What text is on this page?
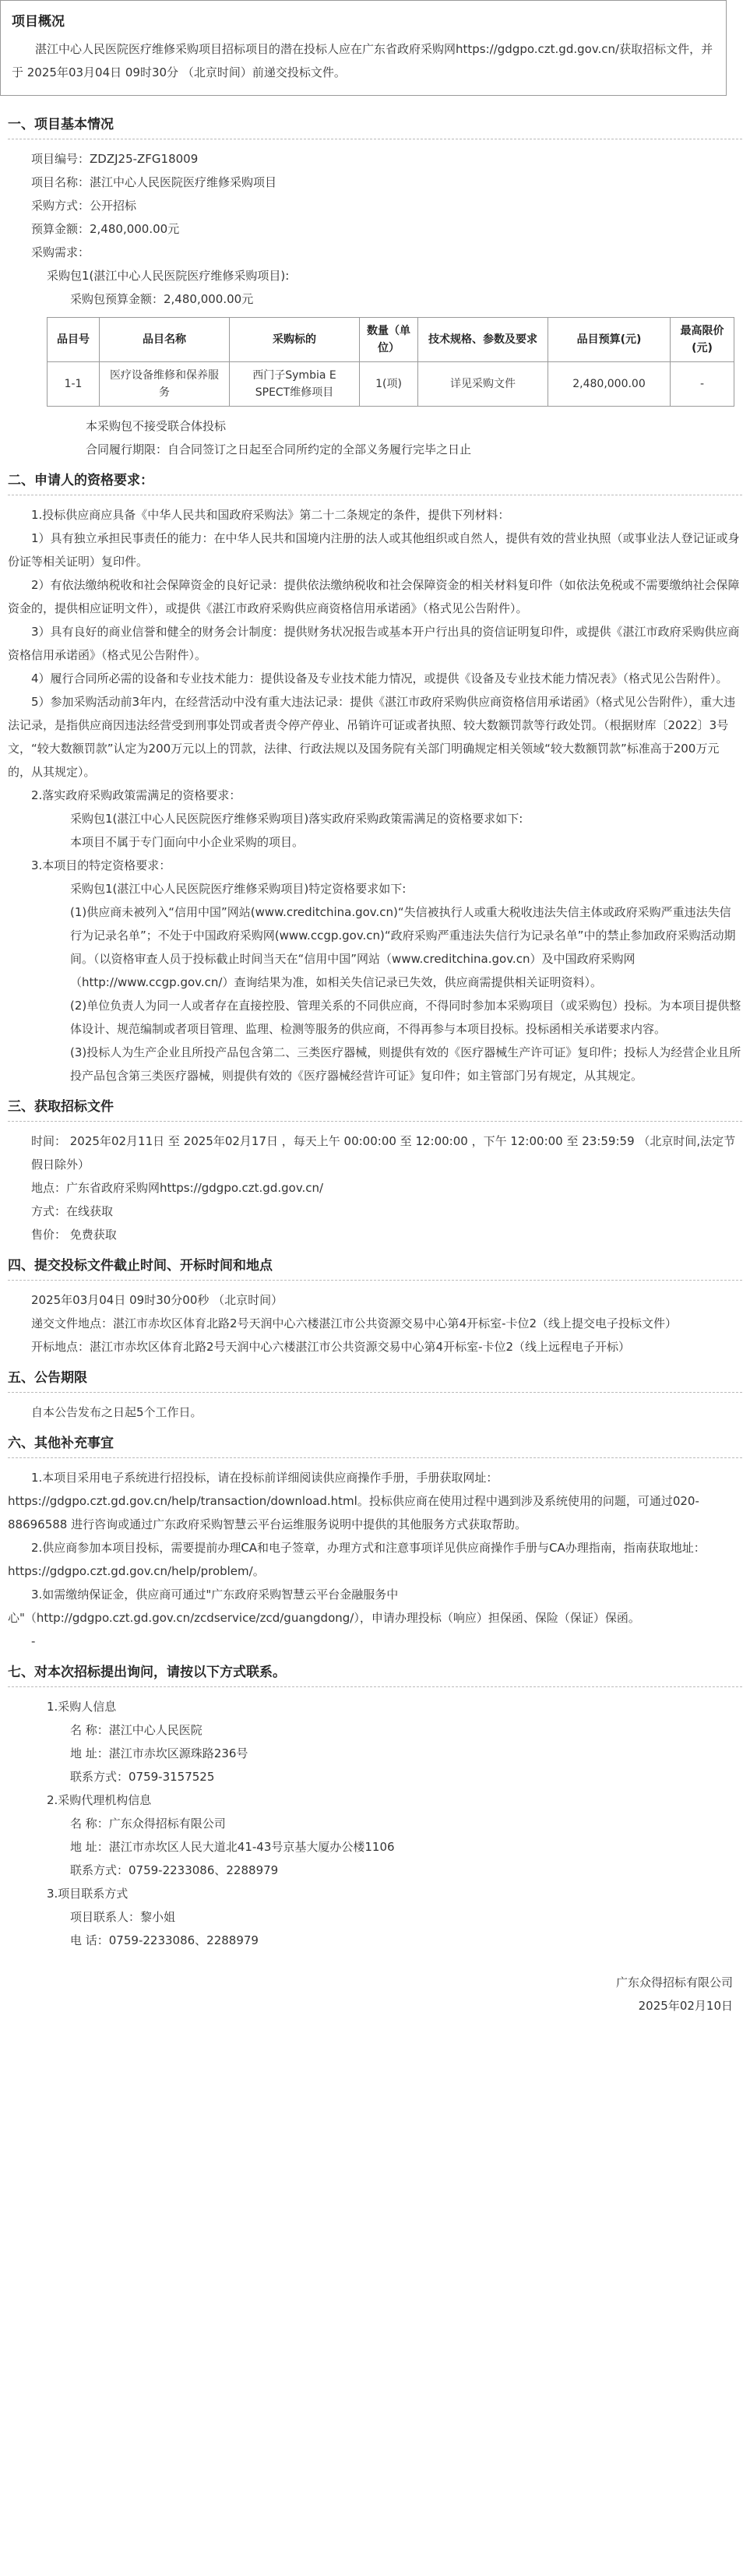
项目概况

湛江中心人民医院医疗维修采购项目招标项目的潜在投标人应在广东省政府采购网https://gdgpo.czt.gd.gov.cn/获取招标文件，并于 2025年03月04日 09时30分 （北京时间）前递交投标文件。

一、项目基本情况

项目编号：ZDZJ25-ZFG18009

项目名称：湛江中心人民医院医疗维修采购项目

采购方式：公开招标

预算金额：2,480,000.00元

采购需求：

采购包1(湛江中心人民医院医疗维修采购项目):

采购包预算金额：2,480,000.00元

品目号	品目名称	采购标的	数量（单位）	技术规格、参数及要求	品目预算(元)	最高限价(元)
1-1	医疗设备维修和保养服务	西门子Symbia E SPECT维修项目	1(项)	详见采购文件	2,480,000.00	-

本采购包不接受联合体投标

合同履行期限：自合同签订之日起至合同所约定的全部义务履行完毕之日止

二、申请人的资格要求：

1.投标供应商应具备《中华人民共和国政府采购法》第二十二条规定的条件，提供下列材料：

1）具有独立承担民事责任的能力：在中华人民共和国境内注册的法人或其他组织或自然人，提供有效的营业执照（或事业法人登记证或身份证等相关证明）复印件。

2）有依法缴纳税收和社会保障资金的良好记录：提供依法缴纳税收和社会保障资金的相关材料复印件（如依法免税或不需要缴纳社会保障资金的，提供相应证明文件），或提供《湛江市政府采购供应商资格信用承诺函》（格式见公告附件）。

3）具有良好的商业信誉和健全的财务会计制度：提供财务状况报告或基本开户行出具的资信证明复印件，或提供《湛江市政府采购供应商资格信用承诺函》（格式见公告附件）。

4）履行合同所必需的设备和专业技术能力：提供设备及专业技术能力情况，或提供《设备及专业技术能力情况表》（格式见公告附件）。

5）参加采购活动前3年内，在经营活动中没有重大违法记录：提供《湛江市政府采购供应商资格信用承诺函》（格式见公告附件），重大违法记录，是指供应商因违法经营受到刑事处罚或者责令停产停业、吊销许可证或者执照、较大数额罚款等行政处罚。（根据财库〔2022〕3号文，“较大数额罚款”认定为200万元以上的罚款，法律、行政法规以及国务院有关部门明确规定相关领域“较大数额罚款”标准高于200万元的，从其规定）。

2.落实政府采购政策需满足的资格要求：

采购包1(湛江中心人民医院医疗维修采购项目)落实政府采购政策需满足的资格要求如下:

本项目不属于专门面向中小企业采购的项目。

3.本项目的特定资格要求：

采购包1(湛江中心人民医院医疗维修采购项目)特定资格要求如下:

(1)供应商未被列入“信用中国”网站(www.creditchina.gov.cn)“失信被执行人或重大税收违法失信主体或政府采购严重违法失信行为记录名单”；不处于中国政府采购网(www.ccgp.gov.cn)“政府采购严重违法失信行为记录名单”中的禁止参加政府采购活动期间。（以资格审查人员于投标截止时间当天在“信用中国”网站（www.creditchina.gov.cn）及中国政府采购网（http://www.ccgp.gov.cn/）查询结果为准，如相关失信记录已失效，供应商需提供相关证明资料）。

(2)单位负责人为同一人或者存在直接控股、管理关系的不同供应商，不得同时参加本采购项目（或采购包）投标。为本项目提供整体设计、规范编制或者项目管理、监理、检测等服务的供应商，不得再参与本项目投标。投标函相关承诺要求内容。

(3)投标人为生产企业且所投产品包含第二、三类医疗器械，则提供有效的《医疗器械生产许可证》复印件；投标人为经营企业且所投产品包含第三类医疗器械，则提供有效的《医疗器械经营许可证》复印件；如主管部门另有规定，从其规定。

三、获取招标文件

时间： 2025年02月11日 至 2025年02月17日 ，每天上午 00:00:00 至 12:00:00 ，下午 12:00:00 至 23:59:59 （北京时间,法定节假日除外）

地点：广东省政府采购网https://gdgpo.czt.gd.gov.cn/

方式：在线获取

售价： 免费获取

四、提交投标文件截止时间、开标时间和地点

2025年03月04日 09时30分00秒 （北京时间）

递交文件地点：湛江市赤坎区体育北路2号天润中心六楼湛江市公共资源交易中心第4开标室-卡位2（线上提交电子投标文件）

开标地点：湛江市赤坎区体育北路2号天润中心六楼湛江市公共资源交易中心第4开标室-卡位2（线上远程电子开标）

五、公告期限

自本公告发布之日起5个工作日。

六、其他补充事宜

1.本项目采用电子系统进行招投标，请在投标前详细阅读供应商操作手册，手册获取网址：https://gdgpo.czt.gd.gov.cn/help/transaction/download.html。投标供应商在使用过程中遇到涉及系统使用的问题，可通过020-88696588 进行咨询或通过广东政府采购智慧云平台运维服务说明中提供的其他服务方式获取帮助。

2.供应商参加本项目投标，需要提前办理CA和电子签章，办理方式和注意事项详见供应商操作手册与CA办理指南，指南获取地址：https://gdgpo.czt.gd.gov.cn/help/problem/。

3.如需缴纳保证金，供应商可通过"广东政府采购智慧云平台金融服务中心"（http://gdgpo.czt.gd.gov.cn/zcdservice/zcd/guangdong/），申请办理投标（响应）担保函、保险（保证）保函。

-

七、对本次招标提出询问，请按以下方式联系。

1.采购人信息

名 称：湛江中心人民医院

地 址：湛江市赤坎区源珠路236号

联系方式：0759-3157525

2.采购代理机构信息

名 称：广东众得招标有限公司

地 址：湛江市赤坎区人民大道北41-43号京基大厦办公楼1106

联系方式：0759-2233086、2288979

3.项目联系方式

项目联系人：黎小姐

电 话：0759-2233086、2288979

广东众得招标有限公司

2025年02月10日
